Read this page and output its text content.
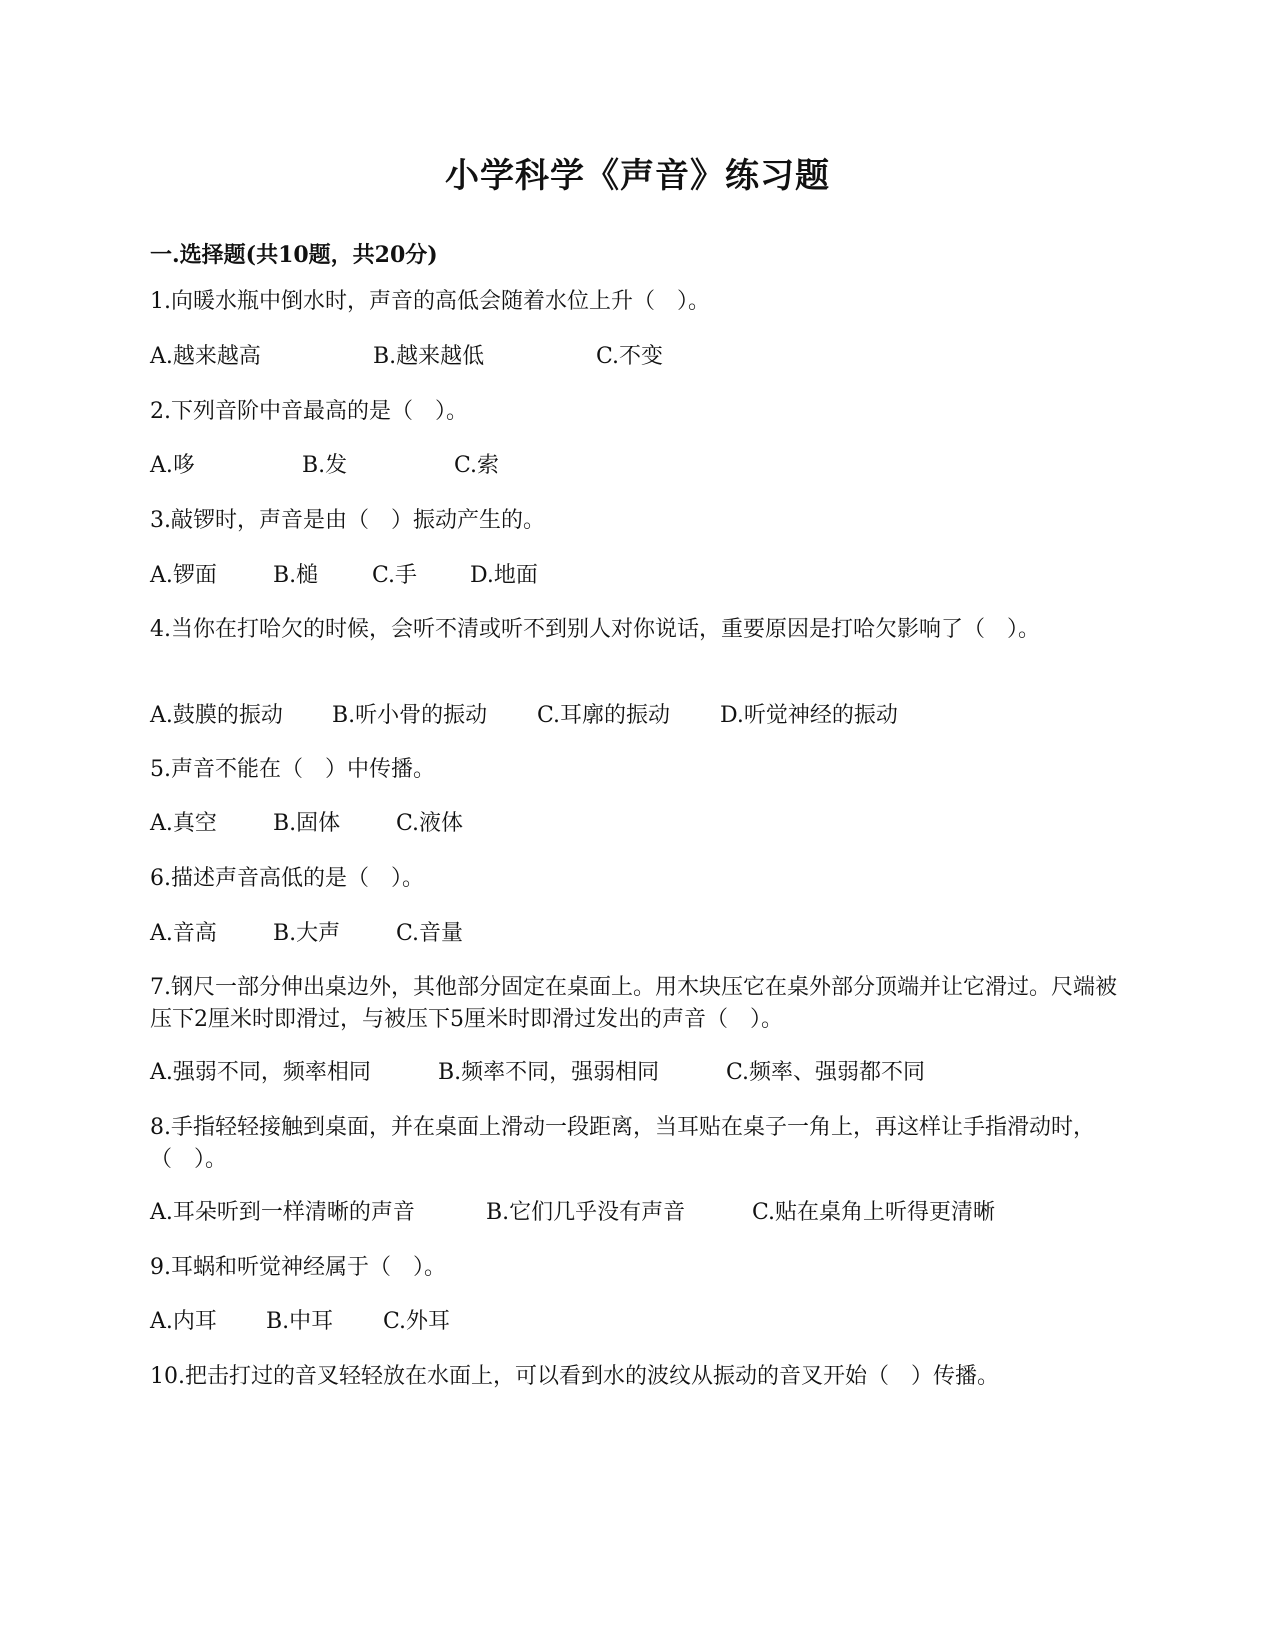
小学科学《声音》练习题
一.选择题(共10题，共20分)

1.向暖水瓶中倒水时，声音的高低会随着水位上升（　）。

A.越来越高	B.越来越低	C.不变

2.下列音阶中音最高的是（　）。

A.哆	B.发	C.索

3.敲锣时，声音是由（　）振动产生的。

A.锣面	B.槌 C.手 D.地面

4.当你在打哈欠的时候，会听不清或听不到别人对你说话，重要原因是打哈欠影响了（　）。

A.鼓膜的振动 B.听小骨的振动 C.耳廓的振动 D.听觉神经的振动

5.声音不能在（　）中传播。

A.真空	B.固体	C.液体

6.描述声音高低的是（　）。

A.音高	B.大声	C.音量

7.钢尺一部分伸出桌边外，其他部分固定在桌面上。用木块压它在桌外部分顶端并让它滑过。尺端被压下2厘米时即滑过，与被压下5厘米时即滑过发出的声音（　）。

A.强弱不同，频率相同	B.频率不同，强弱相同	C.频率、强弱都不同

8.手指轻轻接触到桌面，并在桌面上滑动一段距离，当耳贴在桌子一角上，再这样让手指滑动时，（　）。

A.耳朵听到一样清晰的声音	B.它们几乎没有声音	C.贴在桌角上听得更清晰

9.耳蜗和听觉神经属于（　）。

A.内耳 B.中耳 C.外耳

10.把击打过的音叉轻轻放在水面上，可以看到水的波纹从振动的音叉开始（　）传播。
